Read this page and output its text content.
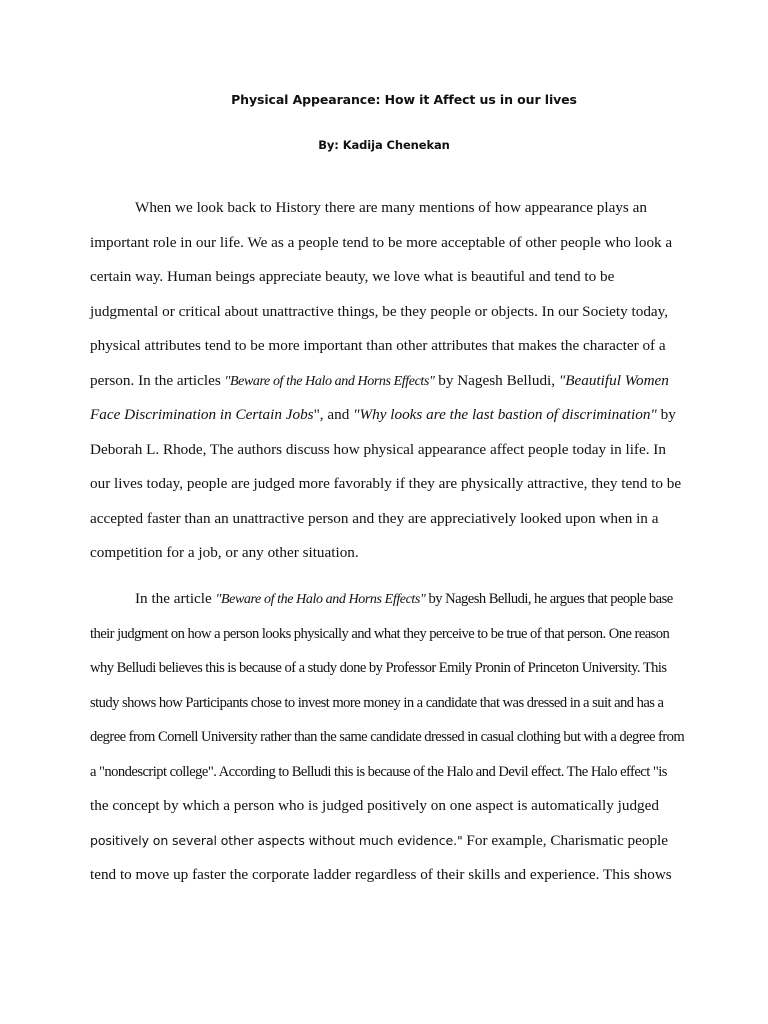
Physical Appearance: How it Affect us in our lives
By: Kadija Chenekan
When we look back to History there are many mentions of how appearance plays an
important role in our life. We as a people tend to be more acceptable of other people who look a
certain way. Human beings appreciate beauty, we love what is beautiful and tend to be
judgmental or critical about unattractive things, be they people or objects. In our Society today,
physical attributes tend to be more important than other attributes that makes the character of a
person. In the articles "Beware of the Halo and Horns Effects" by Nagesh Belludi, "Beautiful Women
Face Discrimination in Certain Jobs", and "Why looks are the last bastion of discrimination" by
Deborah L. Rhode, The authors discuss how physical appearance affect people today in life. In
our lives today, people are judged more favorably if they are physically attractive, they tend to be
accepted faster than an unattractive person and they are appreciatively looked upon when in a
competition for a job, or any other situation.
In the article "Beware of the Halo and Horns Effects" by Nagesh Belludi, he argues that people base
their judgment on how a person looks physically and what they perceive to be true of that person. One reason
why Belludi believes this is because of a study done by Professor Emily Pronin of Princeton University. This
study shows how Participants chose to invest more money in a candidate that was dressed in a suit and has a
degree from Cornell University rather than the same candidate dressed in casual clothing but with a degree from
a "nondescript college". According to Belludi this is because of the Halo and Devil effect. The Halo effect "is
the concept by which a person who is judged positively on one aspect is automatically judged
positively on several other aspects without much evidence." For example, Charismatic people
tend to move up faster the corporate ladder regardless of their skills and experience. This shows
